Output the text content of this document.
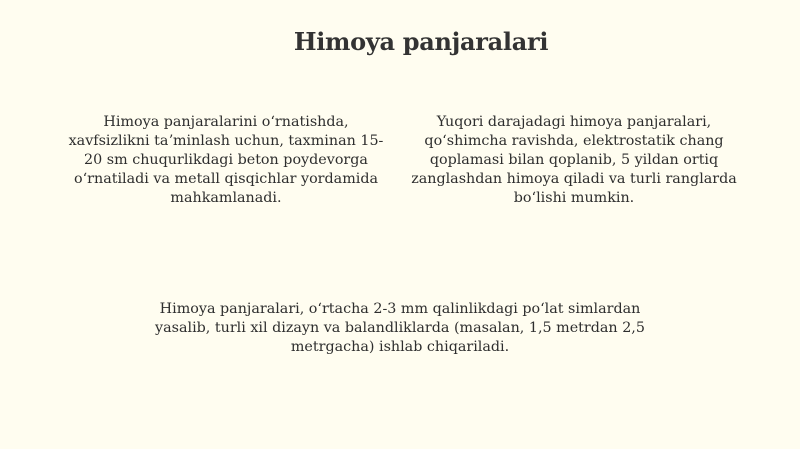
Himoya panjaralari
Himoya panjaralarini oʻrnatishda,
xavfsizlikni taʼminlash uchun, taxminan 15-
20 sm chuqurlikdagi beton poydevorga
oʻrnatiladi va metall qisqichlar yordamida
mahkamlanadi.
Yuqori darajadagi himoya panjaralari,
qoʻshimcha ravishda, elektrostatik chang
qoplamasi bilan qoplanib, 5 yildan ortiq
zanglashdan himoya qiladi va turli ranglarda
boʻlishi mumkin.
Himoya panjaralari, oʻrtacha 2-3 mm qalinlikdagi poʻlat simlardan
yasalib, turli xil dizayn va balandliklarda (masalan, 1,5 metrdan 2,5
metrgacha) ishlab chiqariladi.
